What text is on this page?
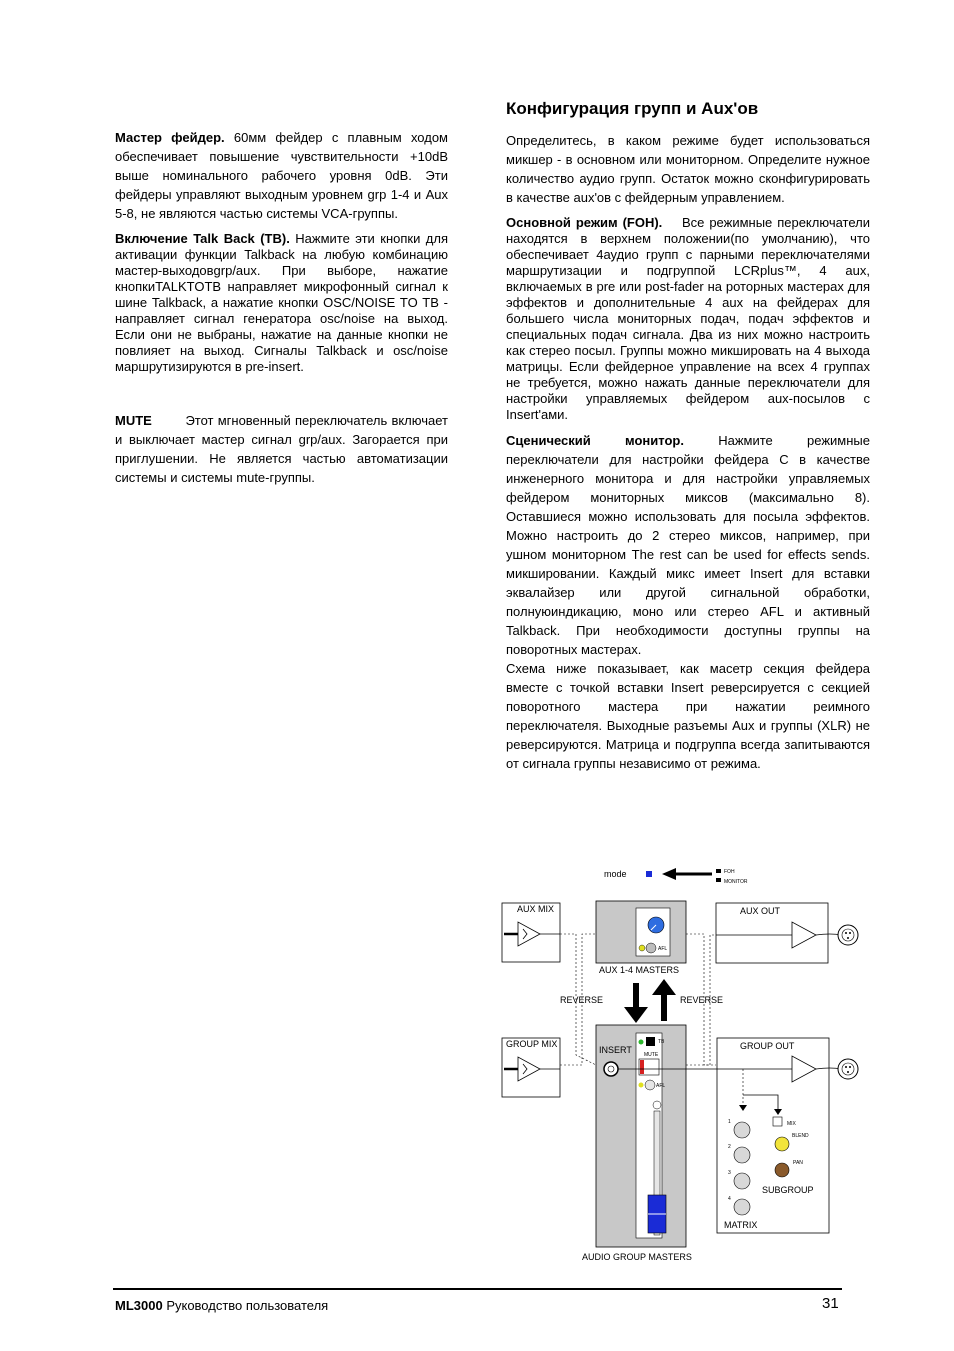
Мастер фейдер. 60мм фейдер с плавным ходом обеспечивает повышение чувствительности +10dB выше номинального рабочего уровня 0dB. Эти фейдеры управляют выходным уровнем grp 1-4 и Aux 5-8, не являются частью системы VCA-группы.

Включение Talk Back (TB). Нажмите эти кнопки для активации функции Talkback на любую комбинацию мастер-выходовgrp/aux. При выборе, нажатие кнопкиTALKTOTB направляет микрофонный сигнал к шине Talkback, а нажатие кнопки OSC/NOISE TO TB - направляет сигнал генератора osc/noise на выход. Если они не выбраны, нажатие на данные кнопки не повлияет на выход. Сигналы Talkback и osc/noise маршрутизируются в pre-insert.

MUTE        Этот мгновенный переключатель включает и выключает мастер сигнал grp/aux. Загорается при приглушении. Не является частью автоматизации системы и системы mute-группы.

Конфигурация групп и Aux'ов

Определитесь, в каком режиме будет использоваться микшер - в основном или мониторном. Определите нужное количество аудио групп. Остаток можно сконфигурировать в качестве aux'ов с фейдерным управлением.

Основной режим (FOH).    Все режимные переключатели находятся в верхнем положении(по умолчанию), что обеспечивает 4аудио групп с парными переключателями маршрутизации и подгруппой LCRplus™, 4 aux, включаемых в pre или post-fader на роторных мастерах для эффектов и дополнительные 4 aux на фейдерах для большего числа мониторных подач, подач эффектов и специальных подач сигнала. Два из них можно настроить как стерео посыл. Группы можно микшировать на 4 выхода матрицы. Если фейдерное управление на всех 4 группах не требуется, можно нажать данные переключатели для настройки управляемых фейдером aux-посылов с Insert'ами.

Сценический монитор. Нажмите режимные переключатели для настройки фейдера С в качестве инженерного монитора и для настройки управляемых фейдером мониторных миксов (максимально 8). Оставшиеся можно использовать для посыла эффектов. Можно настроить до 2 стерео миксов, например, при ушном мониторном The rest can be used for effects sends. микшировании. Каждый микс имеет Insert для вставки эквалайзер или другой сигнальной обработки, полнуюиндикацию, моно или стерео AFL и активный Talkback. При необходимости доступны группы на поворотных мастерах.

Схема ниже показывает, как масетр секция фейдера вместе с точкой вставки Insert реверсируется с секцией поворотного мастера при нажатии реимного переключателя. Выходные разъемы Aux и группы (XLR) не реверсируются. Матрица и подгруппа всегда запитываются от сигнала группы независимо от режима.

mode	FOH
MONITOR
AUX MIX
AFL
AUX 1-4 MASTERS
AUX OUT
REVERSE	REVERSE
GROUP MIX
INSERT
TB
MUTE
AFL
AUDIO GROUP MASTERS
GROUP OUT
1
2
3
4
MATRIX
MIX
BLEND
PAN
SUBGROUP
ML3000 Руководство пользователя	31
